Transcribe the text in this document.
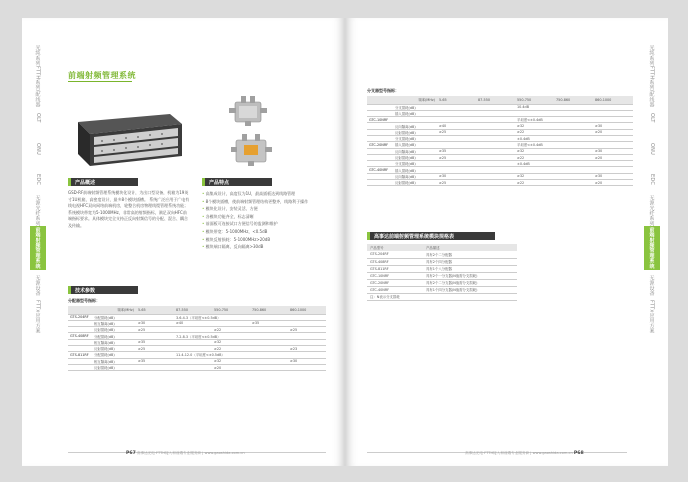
光缆系列
FTTH系列/配线器
OLT
ONU
EDC
无源光纤系列
前端射频管理系统
无源设备
FTTx应用方案
前端射频管理系统
产品概述
GSD-RF前端射频管理系统模块化设计，为出口型设备，机箱为19英寸1U机箱，高密度设计，最多8个模块插槽。 系统广泛应用于广电有线电视HFC双向网络前端机房，轮整合机房物理线缆管理系统功能；系统模块带宽为5-1000MHz，非常高的射频指标，满足双向HFC前端指标要求。具体模块完全支持正反向射频信号的分配、混合、耦合及传输。
产品特点
• 高集成设计，高度仅为1U，最高插板达到线路管理
• 8个模块插槽，使前端射频管理结构更整齐，线路利于操作
• 模块化设计，安装灵活、方便
• 各模块功能齐全，标志清晰
• 前面板可连接试口方便信号的监测和维护
• 模块带宽：5-1000MHz，<0.5dB
• 模块反射损耗：5-1000MHz>20dB
• 模块端口隔离，反向隔离>30dB
技术参数
分配器型号指标：
频率(MHz)		5-65	87-550	550-750	750-860	860-1000
GTS-204RF	分配损耗(dB)		3.6-4.3（平坦度<±0.5dB）			
	相互隔离(dB)	≥30	≥40		≥35	
	反射损耗(dB)	≥25		≥22		≥25
GTS-408RF	分配损耗(dB)		7.2-8.3（平坦度<±0.5dB）			
	相互隔离(dB)	≥35		≥32		
	反射损耗(dB)	≥25		≥22		≥23
GTS-811RF	分配损耗(dB)		11.4-12.0（平坦度<±0.5dB）			
	相互隔离(dB)	≥35		≥32		≥30
	反射损耗(dB)			≥20		
P67 高事达光电·FTTH接入和前端专业服务商 | www.gaoshida.com.cn
光缆系列
FTTH系列/配线器
OLT
ONU
EDC
无源光纤系列
前端射频管理系统
无源设备
FTTx应用方案
分支器型号指标：
频率(MHz)		5-65	87-550	550-750	750-860	860-1000
	分支损耗(dB)			10.4dB		
	插入损耗(dB)					
GTC-10NRF				平坦度<±0.4dB		
	反向隔离(dB)	≥40		≥32		≥30
	反射损耗(dB)	≥25		≥22		≥20
	分支损耗(dB)			±0.4dB		
GTC-20NRF	插入损耗(dB)			平坦度<±0.4dB		
	反向隔离(dB)	≥35		≥32		≥30
	反射损耗(dB)	≥25		≥22		≥20
	分支损耗(dB)			±0.4dB		
GTC-40NRF	插入损耗(dB)					
	反向隔离(dB)	≥30		≥32		≥30
	反射损耗(dB)	≥25		≥22		≥20
高事达前端射频管理系统模块规格表
产品型号	产品描述
GTS-204RF	具有2个二分配器
GTS-408RF	具有2个四分配器
GTS-811RF	具有1个八分配器
GTC-10NRF	具有2个一分支器(N值需分支损耗)
GTC-20NRF	具有2个二分支器(N值需分支损耗)
GTC-40NRF	具有1个四分支器(N值需分支损耗)
注：N表示分支损耗	
高事达光电·FTTH接入和前端专业服务商 | www.gaoshida.com.cn P68
